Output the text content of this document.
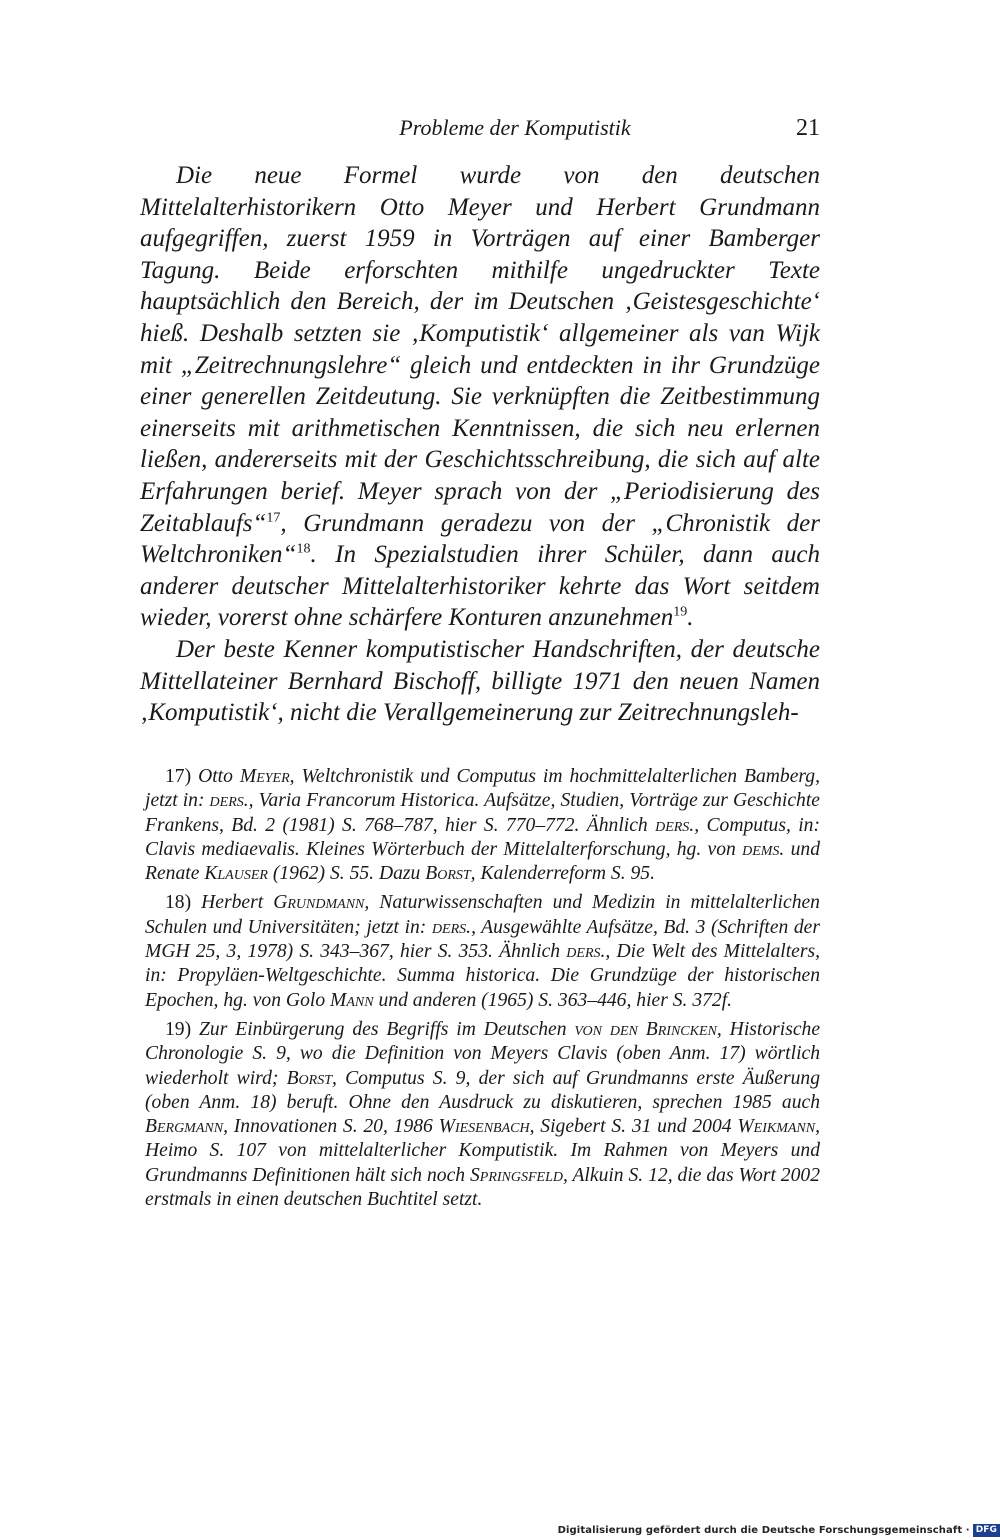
Probleme der Komputistik	21

Die neue Formel wurde von den deutschen Mittelalterhistorikern Otto Meyer und Herbert Grundmann aufgegriffen, zuerst 1959 in Vorträgen auf einer Bamberger Tagung. Beide erforschten mithilfe ungedruckter Texte hauptsächlich den Bereich, der im Deutschen ‚Geistesgeschichte‘ hieß. Deshalb setzten sie ‚Komputistik‘ allgemeiner als van Wijk mit „Zeitrechnungslehre“ gleich und entdeckten in ihr Grundzüge einer generellen Zeitdeutung. Sie verknüpften die Zeitbestimmung einerseits mit arithmetischen Kenntnissen, die sich neu erlernen ließen, andererseits mit der Geschichtsschreibung, die sich auf alte Erfahrungen berief. Meyer sprach von der „Periodisierung des Zeitablaufs“$^{17}$, Grundmann geradezu von der „Chronistik der Weltchroniken“$^{18}$. In Spezialstudien ihrer Schüler, dann auch anderer deutscher Mittelalterhistoriker kehrte das Wort seitdem wieder, vorerst ohne schärfere Konturen anzunehmen$^{19}$.

Der beste Kenner komputistischer Handschriften, der deutsche Mittellateiner Bernhard Bischoff, billigte 1971 den neuen Namen ‚Komputistik‘, nicht die Verallgemeinerung zur Zeitrechnungsleh-

17) Otto Meyer, Weltchronistik und Computus im hochmittelalterlichen Bamberg, jetzt in: ders., Varia Francorum Historica. Aufsätze, Studien, Vorträge zur Geschichte Frankens, Bd. 2 (1981) S. 768–787, hier S. 770–772. Ähnlich ders., Computus, in: Clavis mediaevalis. Kleines Wörterbuch der Mittelalterforschung, hg. von dems. und Renate Klauser (1962) S. 55. Dazu Borst, Kalenderreform S. 95.

18) Herbert Grundmann, Naturwissenschaften und Medizin in mittelalterlichen Schulen und Universitäten; jetzt in: ders., Ausgewählte Aufsätze, Bd. 3 (Schriften der MGH 25, 3, 1978) S. 343–367, hier S. 353. Ähnlich ders., Die Welt des Mittelalters, in: Propyläen-Weltgeschichte. Summa historica. Die Grundzüge der historischen Epochen, hg. von Golo Mann und anderen (1965) S. 363–446, hier S. 372f.

19) Zur Einbürgerung des Begriffs im Deutschen von den Brincken, Historische Chronologie S. 9, wo die Definition von Meyers Clavis (oben Anm. 17) wörtlich wiederholt wird; Borst, Computus S. 9, der sich auf Grundmanns erste Äußerung (oben Anm. 18) beruft. Ohne den Ausdruck zu diskutieren, sprechen 1985 auch Bergmann, Innovationen S. 20, 1986 Wiesenbach, Sigebert S. 31 und 2004 Weikmann, Heimo S. 107 von mittelalterlicher Komputistik. Im Rahmen von Meyers und Grundmanns Definitionen hält sich noch Springsfeld, Alkuin S. 12, die das Wort 2002 erstmals in einen deutschen Buchtitel setzt.

Digitalisierung gefördert durch die Deutsche Forschungsgemeinschaft · DFG
